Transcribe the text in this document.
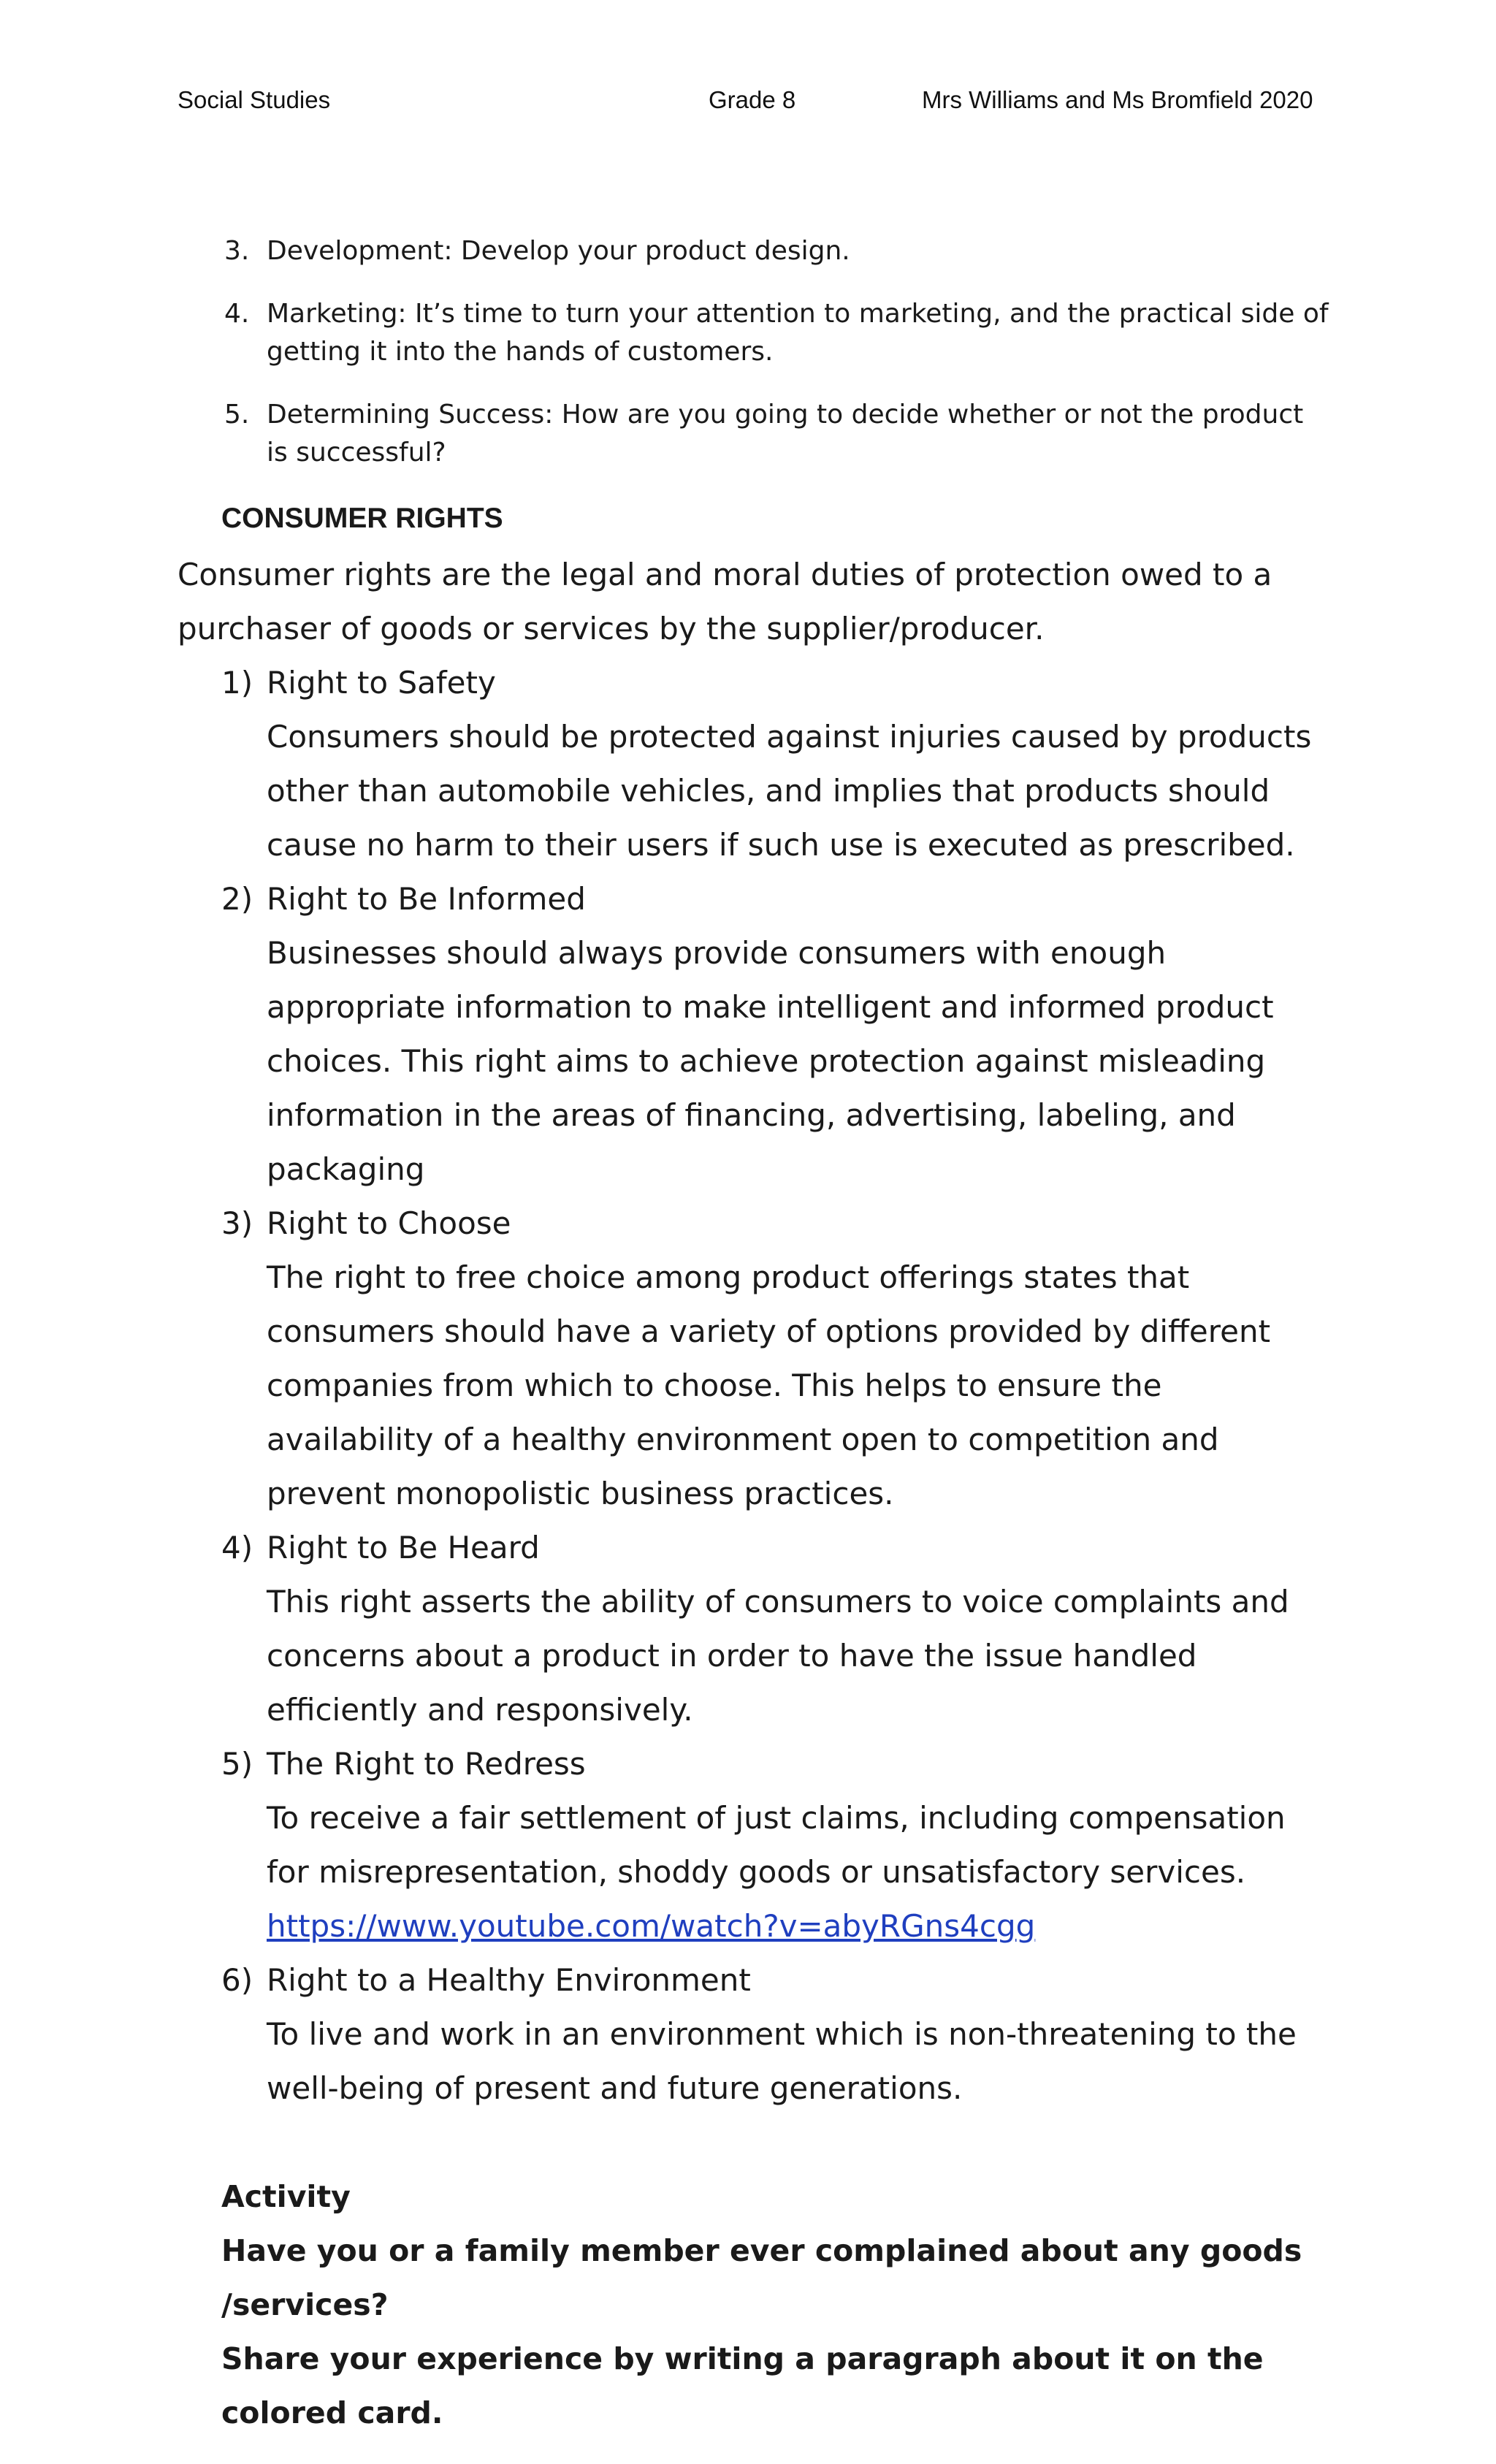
Social Studies	Grade 8	Mrs Williams and Ms Bromfield 2020
3. Development: Develop your product design.
4. Marketing: It’s time to turn your attention to marketing, and the practical side of getting it into the hands of customers.
5. Determining Success: How are you going to decide whether or not the product is successful?
CONSUMER RIGHTS

Consumer rights are the legal and moral duties of protection owed to a purchaser of goods or services by the supplier/producer.

1) Right to Safety
Consumers should be protected against injuries caused by products other than automobile vehicles, and implies that products should cause no harm to their users if such use is executed as prescribed.
2) Right to Be Informed
Businesses should always provide consumers with enough appropriate information to make intelligent and informed product choices. This right aims to achieve protection against misleading information in the areas of financing, advertising, labeling, and packaging
3) Right to Choose
The right to free choice among product offerings states that consumers should have a variety of options provided by different companies from which to choose. This helps to ensure the availability of a healthy environment open to competition and prevent monopolistic business practices.
4) Right to Be Heard
This right asserts the ability of consumers to voice complaints and concerns about a product in order to have the issue handled efficiently and responsively.
5) The Right to Redress
To receive a fair settlement of just claims, including compensation for misrepresentation, shoddy goods or unsatisfactory services.
https://www.youtube.com/watch?v=abyRGns4cgg
6) Right to a Healthy Environment
To live and work in an environment which is non-threatening to the well-being of present and future generations.
Activity
Have you or a family member ever complained about any goods /services?
Share your experience by writing a paragraph about it on the colored card.
